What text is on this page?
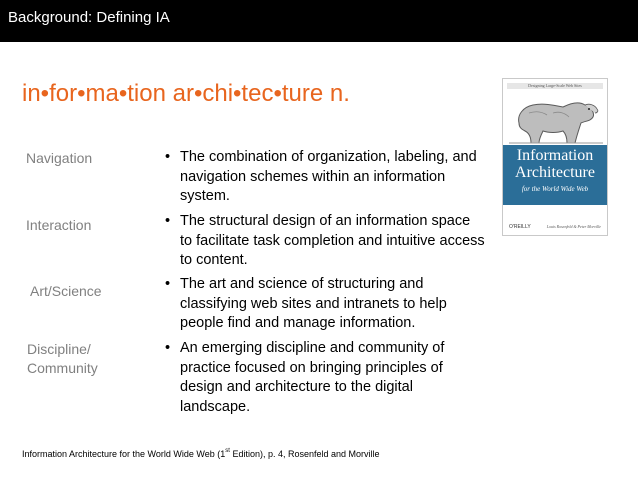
Background: Defining IA
in•for•ma•tion ar•chi•tec•ture n.
Navigation	• The combination of organization, labeling, and navigation schemes within an information system.
Interaction	• The structural design of an information space to facilitate task completion and intuitive access to content.
Art/Science	• The art and science of structuring and classifying web sites and intranets to help people find and manage information.
Discipline/
Community
• An emerging discipline and community of practice focused on bringing principles of design and architecture to the digital landscape.
Designing Large-Scale Web Sites
Information
Architecture
for the World Wide Web
O'REILLY	Louis Rosenfeld & Peter Morville
Information Architecture for the World Wide Web (1st Edition), p. 4, Rosenfeld and Morville
